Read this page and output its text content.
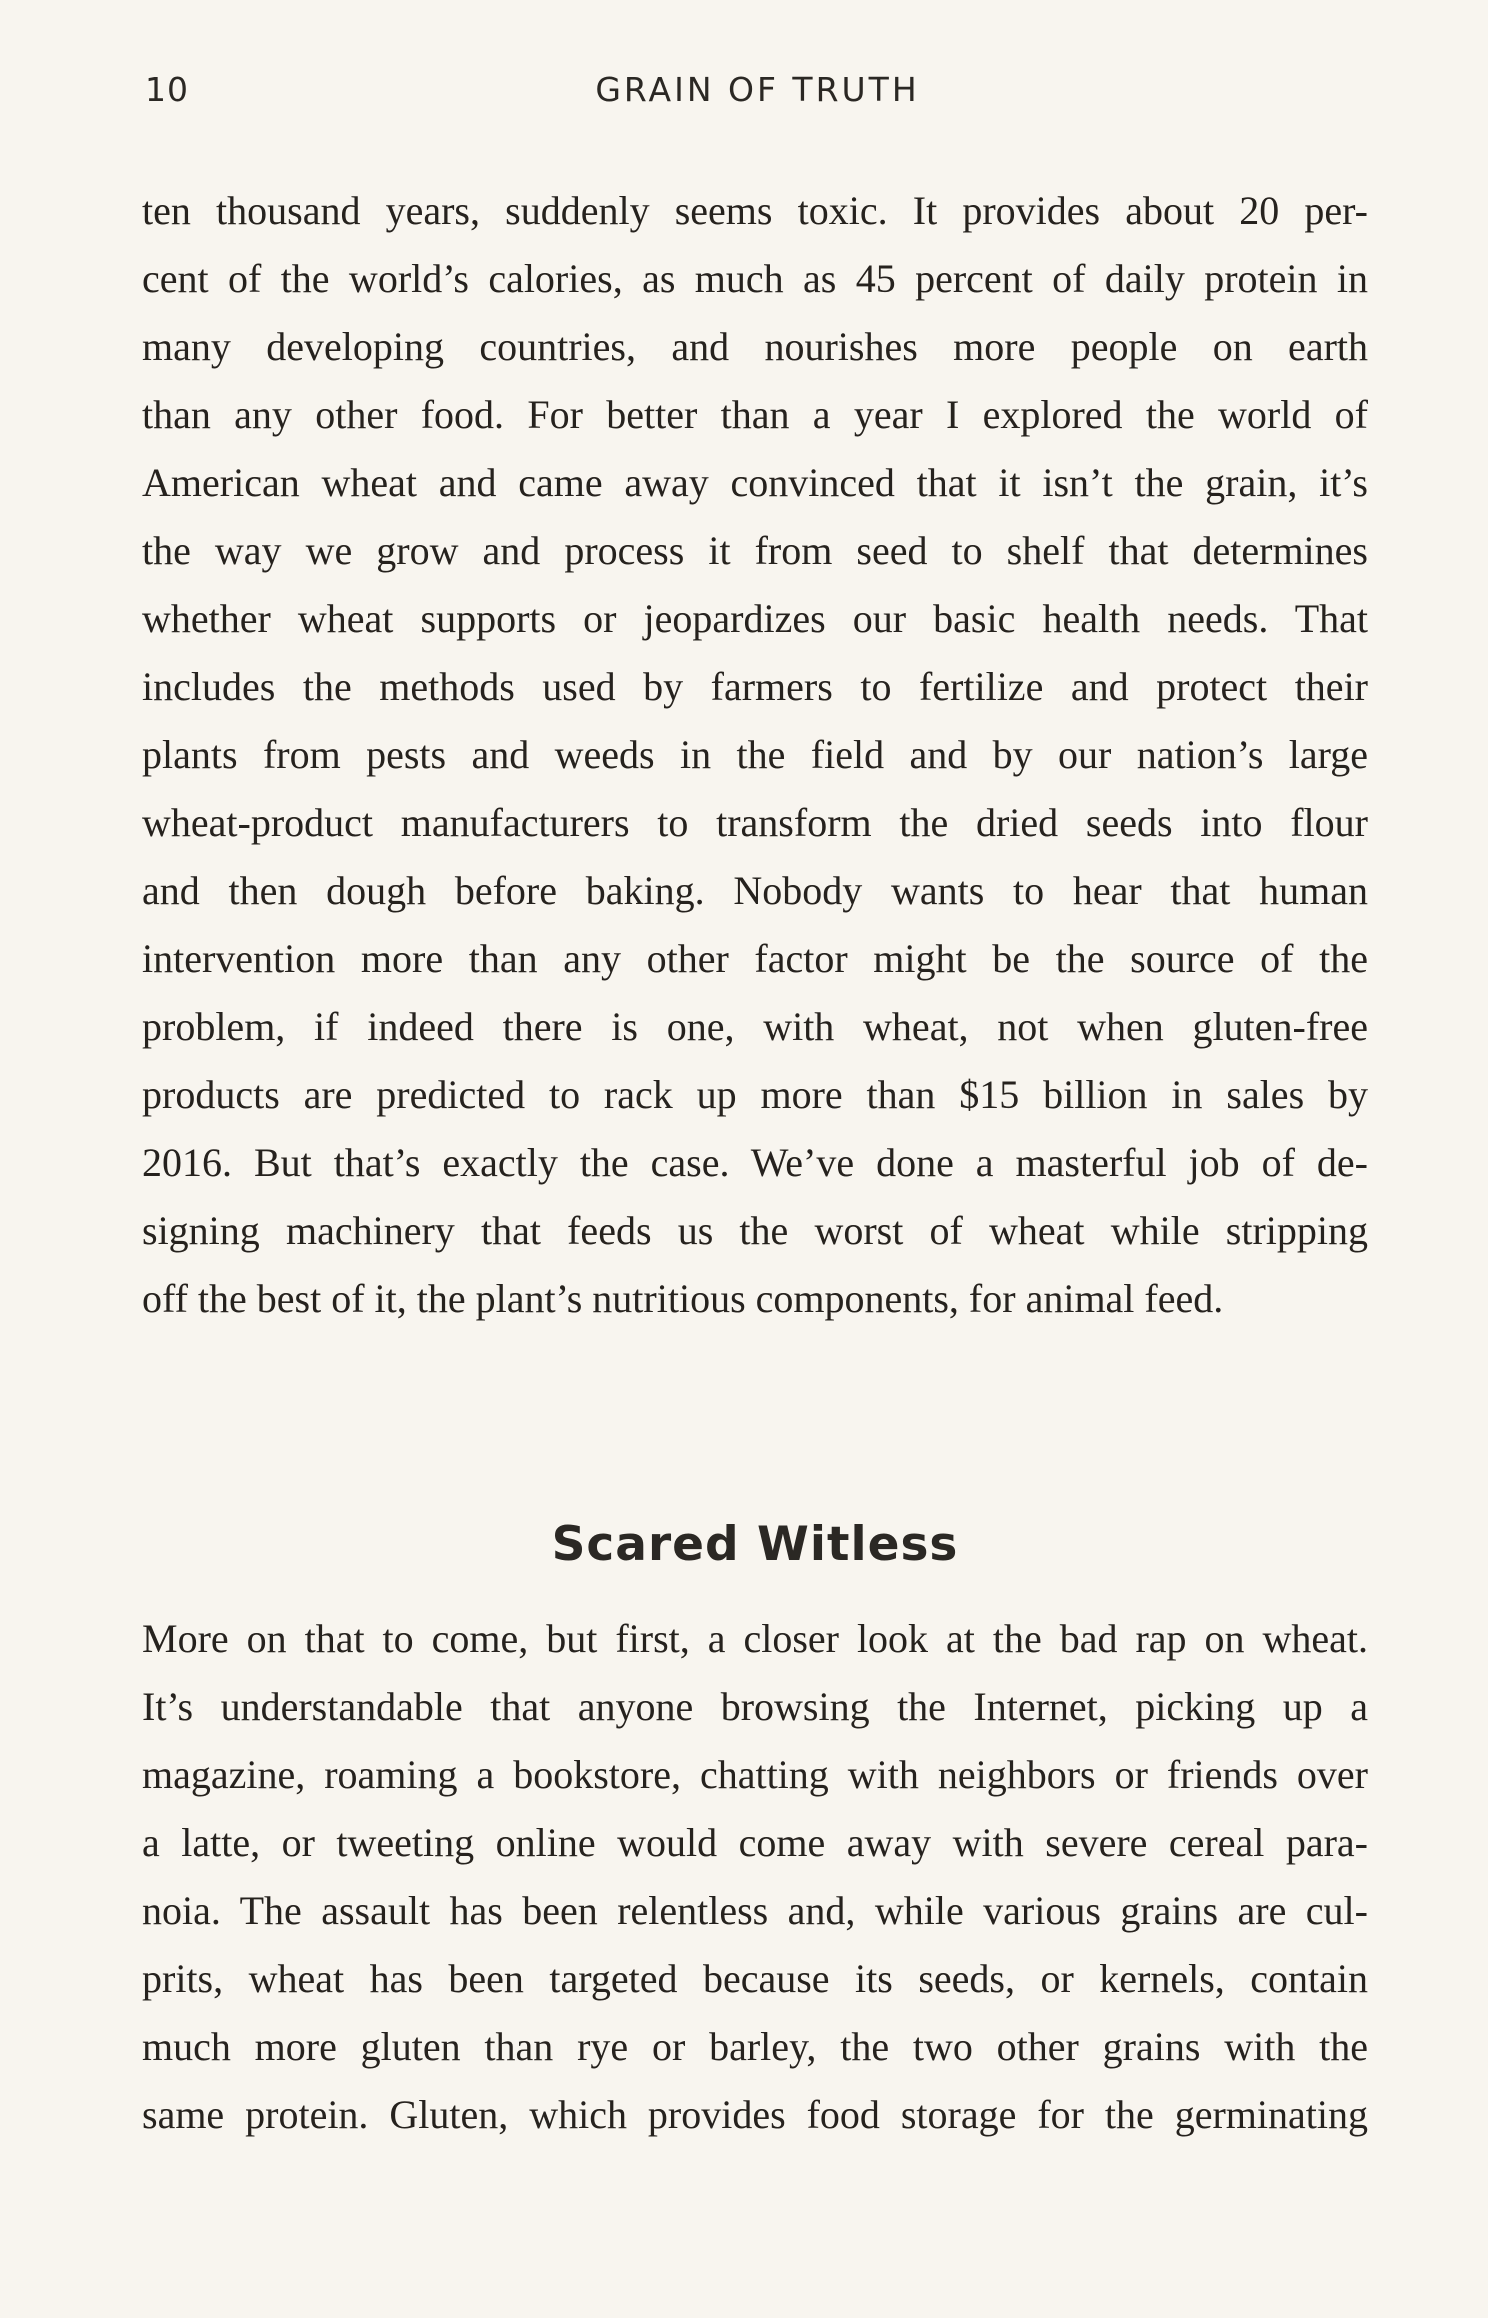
10	GRAIN OF TRUTH
ten thousand years, suddenly seems toxic. It provides about 20 per-
cent of the world’s calories, as much as 45 percent of daily protein in
many developing countries, and nourishes more people on earth
than any other food. For better than a year I explored the world of
American wheat and came away convinced that it isn’t the grain, it’s
the way we grow and process it from seed to shelf that determines
whether wheat supports or jeopardizes our basic health needs. That
includes the methods used by farmers to fertilize and protect their
plants from pests and weeds in the field and by our nation’s large
wheat-product manufacturers to transform the dried seeds into flour
and then dough before baking. Nobody wants to hear that human
intervention more than any other factor might be the source of the
problem, if indeed there is one, with wheat, not when gluten-free
products are predicted to rack up more than $15 billion in sales by
2016. But that’s exactly the case. We’ve done a masterful job of de-
signing machinery that feeds us the worst of wheat while stripping
off the best of it, the plant’s nutritious components, for animal feed.
Scared Witless
More on that to come, but first, a closer look at the bad rap on wheat.
It’s understandable that anyone browsing the Internet, picking up a
magazine, roaming a bookstore, chatting with neighbors or friends over
a latte, or tweeting online would come away with severe cereal para-
noia. The assault has been relentless and, while various grains are cul-
prits, wheat has been targeted because its seeds, or kernels, contain
much more gluten than rye or barley, the two other grains with the
same protein. Gluten, which provides food storage for the germinating
